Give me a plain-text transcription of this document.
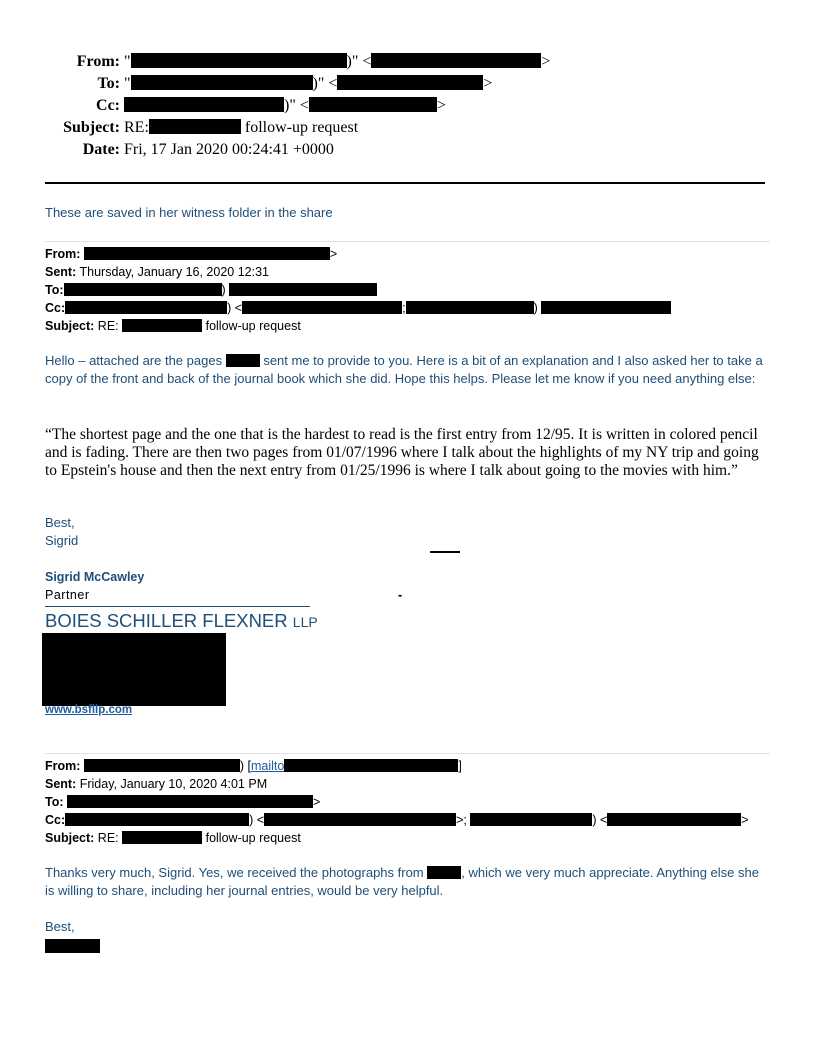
From: "	)" <	>
To: "	)" <	>
Cc:	)" <	>
Subject: RE:	follow-up request
Date: Fri, 17 Jan 2020 00:24:41 +0000
These are saved in her witness folder in the share
From:	>
Sent: Thursday, January 16, 2020 12:31
To:	)
Cc:	) <	;	)
Subject: RE:	follow-up request
Hello – attached are the pages	sent me to provide to you. Here is a bit of an explanation and I also asked her to take a copy of the front and back of the journal book which she did. Hope this helps. Please let me know if you need anything else:
“The shortest page and the one that is the hardest to read is the first entry from 12/95. It is written in colored pencil and is fading. There are then two pages from 01/07/1996 where I talk about the highlights of my NY trip and going to Epstein's house and then the next entry from 01/25/1996 is where I talk about going to the movies with him.”
Best,
Sigrid
Sigrid McCawley
Partner	-
BOIES SCHILLER FLEXNER LLP
www.bsfllp.com
From:	) [mailto	]
Sent: Friday, January 10, 2020 4:01 PM
To:	>
Cc:	) <	>;	) <	>
Subject: RE:	follow-up request
Thanks very much, Sigrid. Yes, we received the photographs from	, which we very much appreciate. Anything else she is willing to share, including her journal entries, would be very helpful.
Best,
